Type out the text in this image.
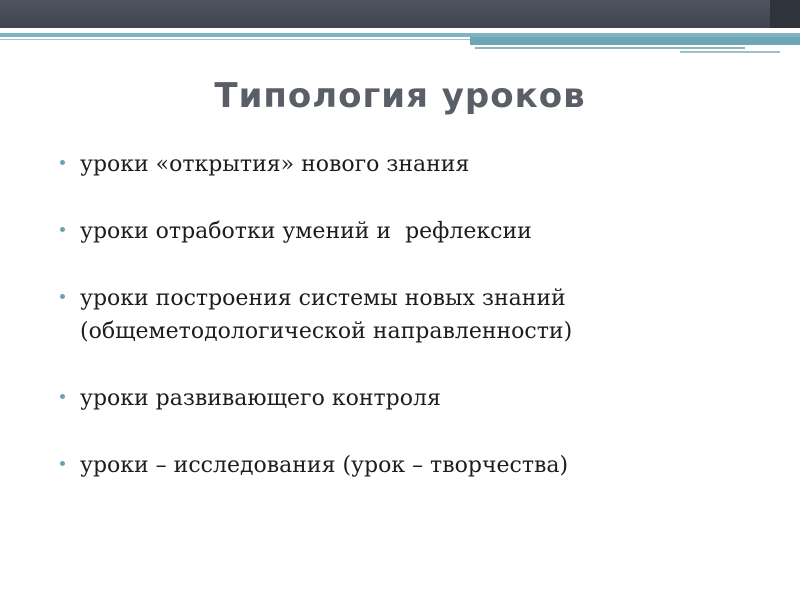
Типология уроков
уроки «открытия» нового знания
уроки отработки умений и  рефлексии
уроки построения системы новых знаний
(общеметодологической направленности)
уроки развивающего контроля
уроки – исследования (урок – творчества)
